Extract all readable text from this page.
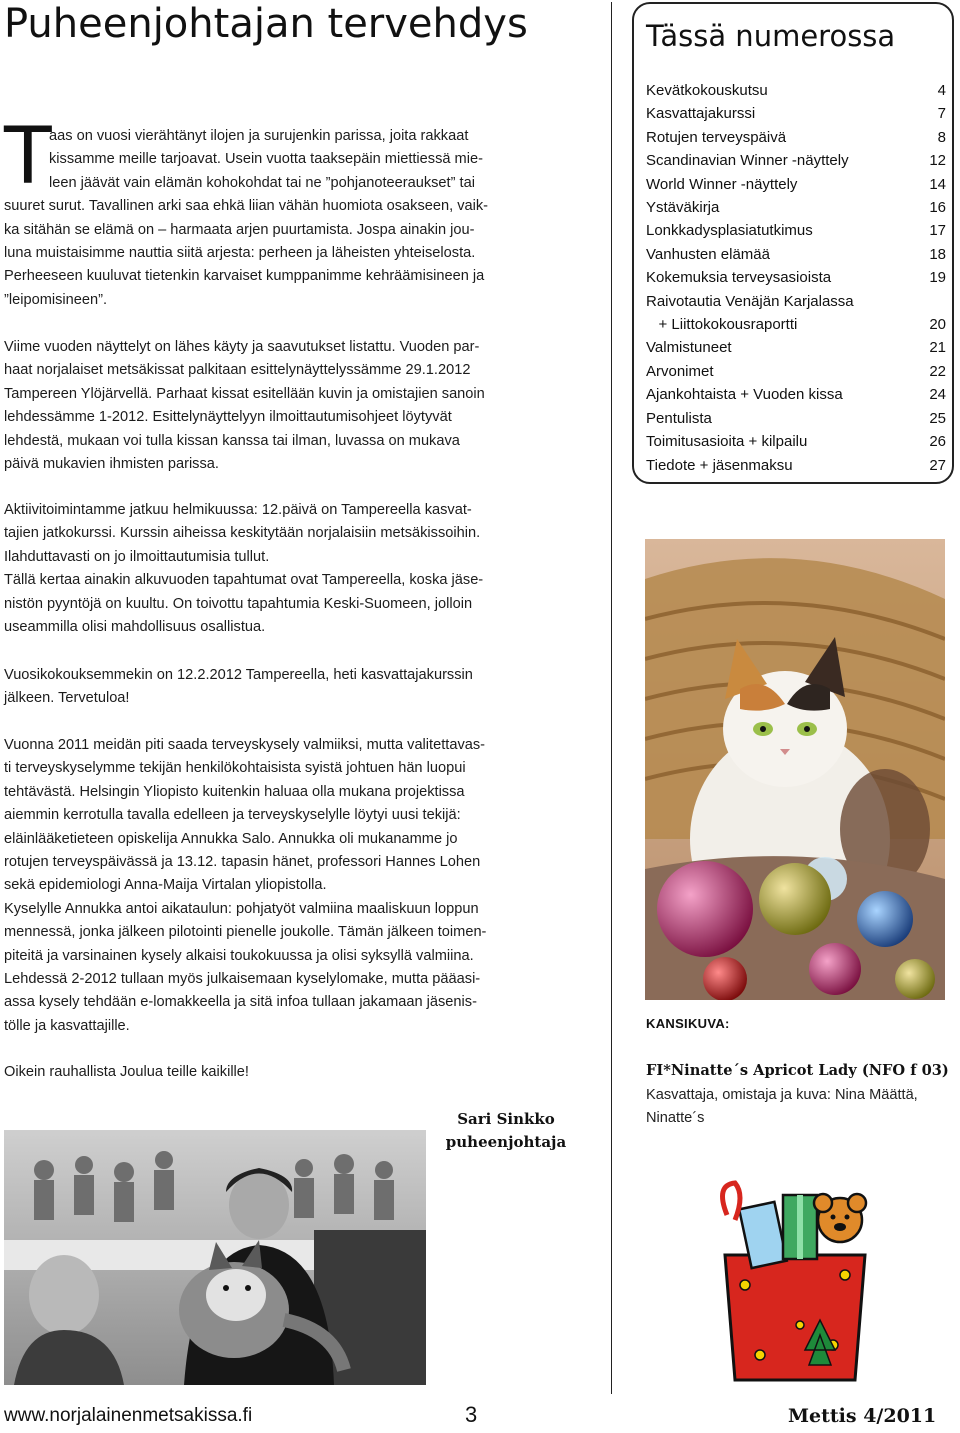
Puheenjohtajan tervehdys
T

aas on vuosi vierähtänyt ilojen ja surujenkin parissa, joita rakkaat

kissamme meille tarjoavat. Usein vuotta taaksepäin miettiessä mie-

leen jäävät vain elämän kohokohdat tai ne ”pohjanoteeraukset” tai

suuret surut. Tavallinen arki saa ehkä liian vähän huomiota osakseen, vaik-

ka sitähän se elämä on – harmaata arjen puurtamista. Jospa ainakin jou-

luna muistaisimme nauttia siitä arjesta: perheen ja läheisten yhteiselosta.

Perheeseen kuuluvat tietenkin karvaiset kumppanimme kehräämisineen ja

”leipomisineen”.

Viime vuoden näyttelyt on lähes käyty ja saavutukset listattu. Vuoden par-

haat norjalaiset metsäkissat palkitaan esittelynäyttelyssämme 29.1.2012

Tampereen Ylöjärvellä. Parhaat kissat esitellään kuvin ja omistajien sanoin

lehdessämme 1-2012. Esittelynäyttelyyn ilmoittautumisohjeet löytyvät

lehdestä, mukaan voi tulla kissan kanssa tai ilman, luvassa on mukava

päivä mukavien ihmisten parissa.

Aktiivitoimintamme jatkuu helmikuussa: 12.päivä on Tampereella kasvat-

tajien jatkokurssi. Kurssin aiheissa keskitytään norjalaisiin metsäkissoihin.

Ilahduttavasti on jo ilmoittautumisia tullut.

Tällä kertaa ainakin alkuvuoden tapahtumat ovat Tampereella, koska jäse-

nistön pyyntöjä on kuultu. On toivottu tapahtumia Keski-Suomeen, jolloin

useammilla olisi mahdollisuus osallistua.

Vuosikokouksemmekin on 12.2.2012 Tampereella, heti kasvattajakurssin

jälkeen. Tervetuloa!

Vuonna 2011 meidän piti saada terveyskysely valmiiksi, mutta valitettavas-

ti terveyskyselymme tekijän henkilökohtaisista syistä johtuen hän luopui

tehtävästä. Helsingin Yliopisto kuitenkin haluaa olla mukana projektissa

aiemmin kerrotulla tavalla edelleen ja terveyskyselylle löytyi uusi tekijä:

eläinlääketieteen opiskelija Annukka Salo. Annukka oli mukanamme jo

rotujen terveyspäivässä ja 13.12. tapasin hänet, professori Hannes Lohen

sekä epidemiologi Anna-Maija Virtalan yliopistolla.

Kyselylle Annukka antoi aikataulun: pohjatyöt valmiina maaliskuun loppun

mennessä, jonka jälkeen pilotointi pienelle joukolle. Tämän jälkeen toimen-

piteitä ja varsinainen kysely alkaisi toukokuussa ja olisi syksyllä valmiina.

Lehdessä 2-2012 tullaan myös julkaisemaan kyselylomake, mutta pääasi-

assa kysely tehdään e-lomakkeella ja sitä infoa tullaan jakamaan jäsenis-

tölle ja kasvattajille.

Oikein rauhallista Joulua teille kaikille!

Sari Sinkko
puheenjohtaja
Tässä numerossa
Kevätkokouskutsu	4
Kasvattajakurssi	7
Rotujen terveyspäivä	8
Scandinavian Winner -näyttely	12
World Winner -näyttely	14
Ystäväkirja	16
Lonkkadysplasiatutkimus	17
Vanhusten elämää	18
Kokemuksia terveysasioista	19
Raivotautia Venäjän Karjalassa
+ Liittokokousraportti	20
Valmistuneet	21
Arvonimet	22
Ajankohtaista + Vuoden kissa	24
Pentulista	25
Toimitusasioita + kilpailu	26
Tiedote + jäsenmaksu	27
KANSIKUVA:
FI*Ninatte´s Apricot Lady (NFO f 03)
Kasvattaja, omistaja ja kuva: Nina Määttä,
Ninatte´s
www.norjalainenmetsakissa.fi	3	Mettis 4/2011
